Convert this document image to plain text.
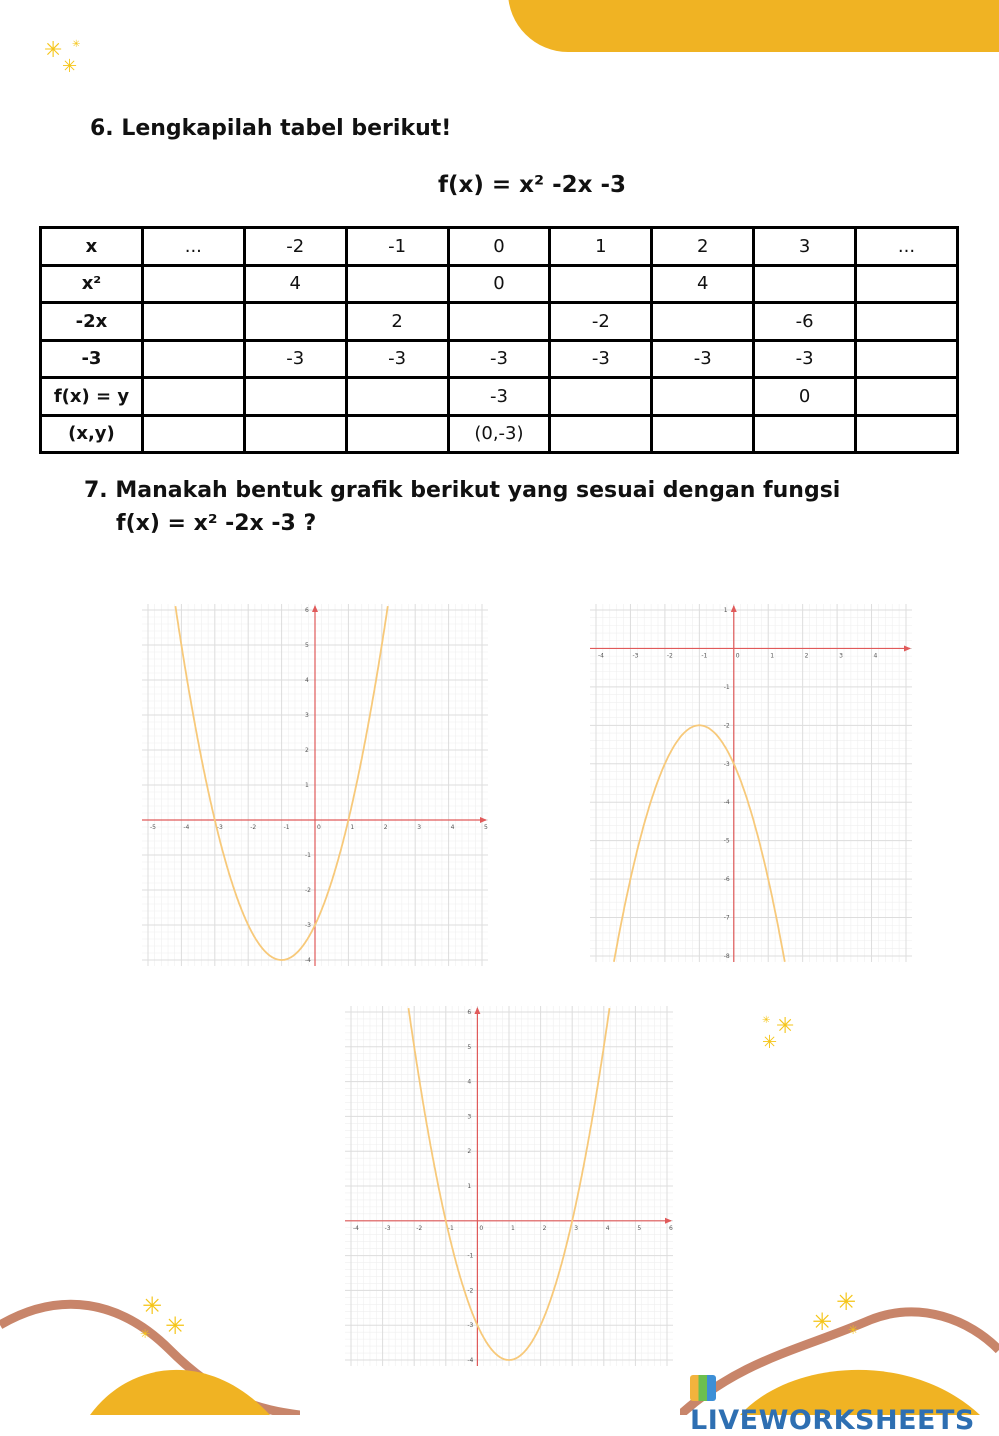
✳
✳
✳
6. Lengkapilah tabel berikut!
f(x) = x² -2x -3
x	...	-2	-1	0	1	2	3	...
x²		4		0		4		
-2x			2		-2		-6	
-3		-3	-3	-3	-3	-3	-3	
f(x) = y				-3			0	
(x,y)				(0,-3)				
7. Manakah bentuk grafik berikut yang sesuai dengan fungsi
f(x) = x² -2x -3 ?
-5	-4	-3	-2	-1	0	1	2	3	4	5
6
5
4
3
2
1
-1
-2
-3
-4
-4	-3	-2	-1	0	1	2	3	4
1
-1
-2
-3
-4
-5
-6
-7
-8
-4	-3	-2	-1	0	1	2	3	4	5	6
6
5
4
3
2
1
-1
-2
-3
-4
✳
✳
✳
✳
✳
✳
✳
✳ ✳
LIVEWORKSHEETS
